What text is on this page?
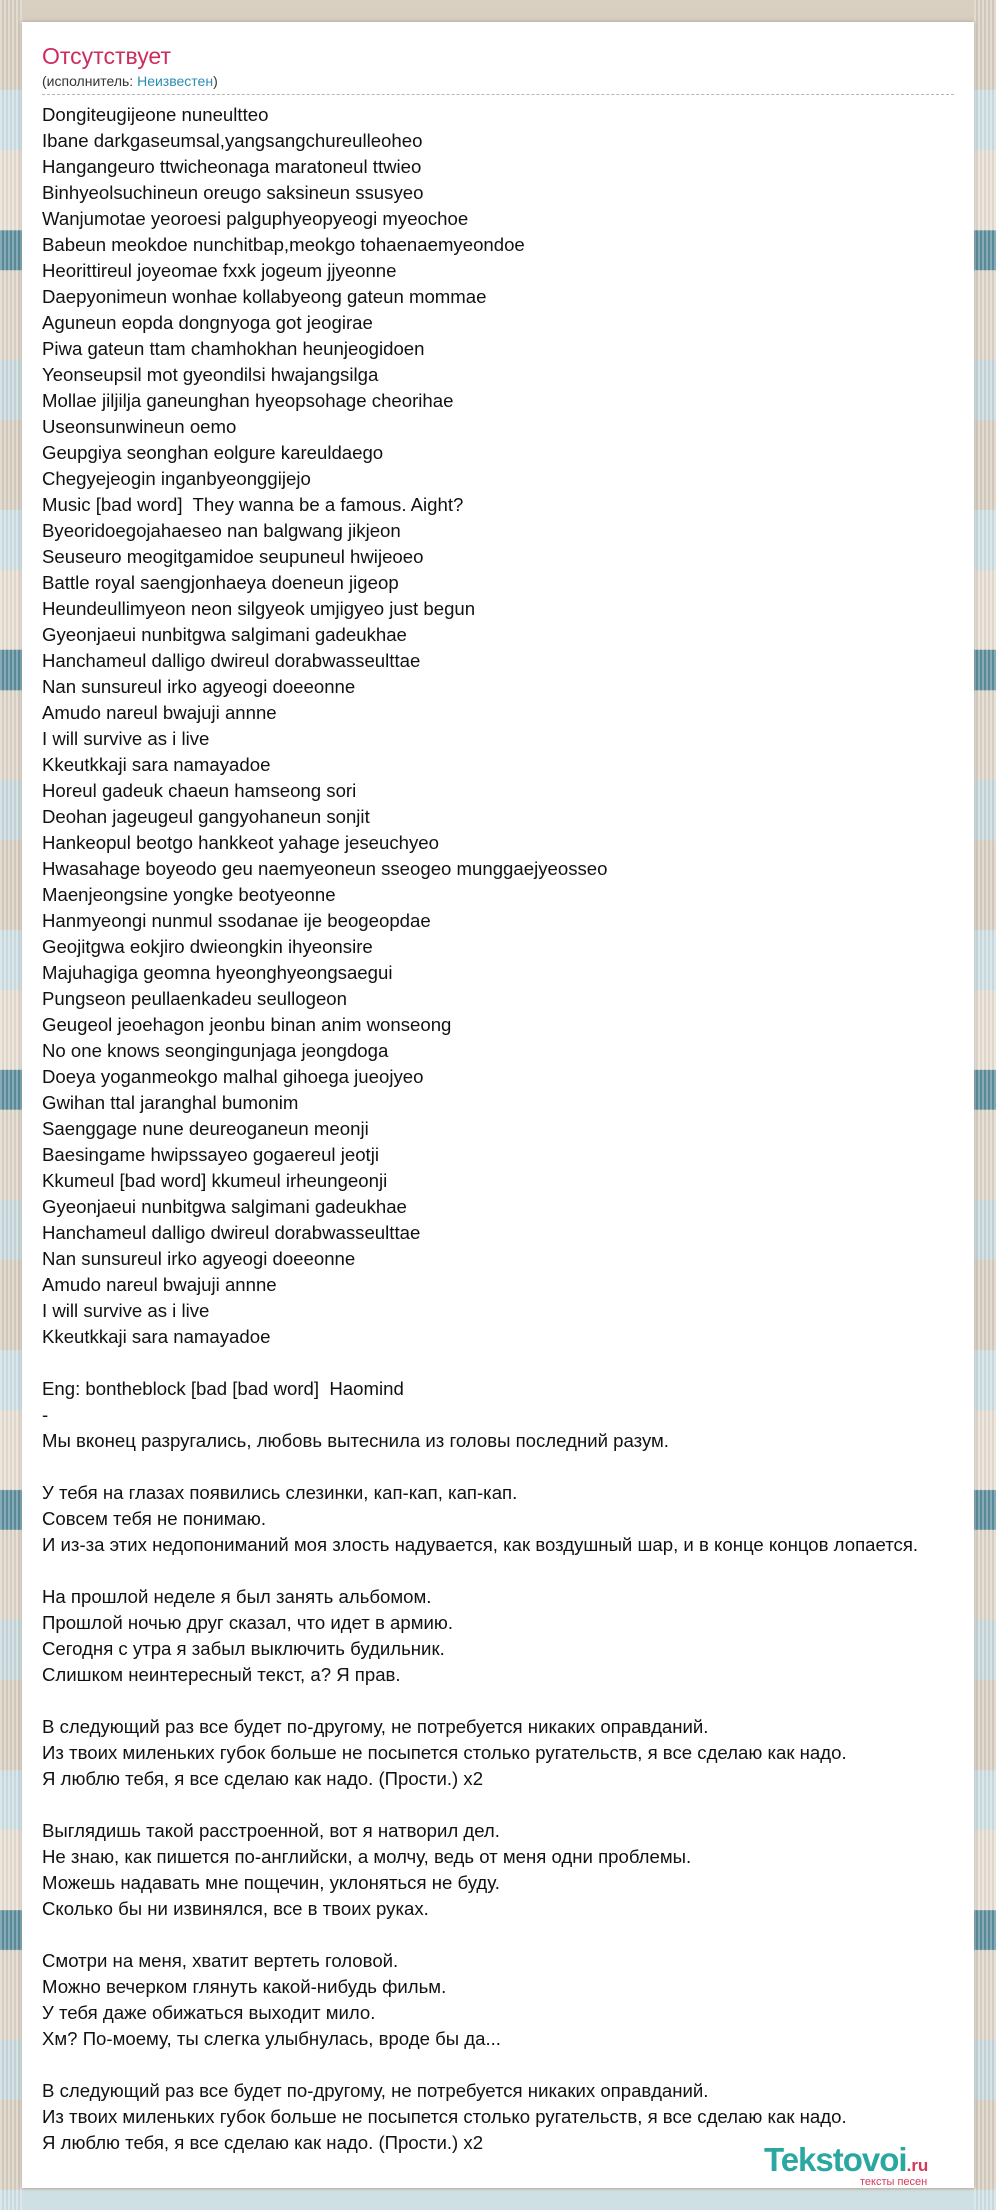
Отсутствует
(исполнитель: Неизвестен)
Dongiteugijeone nuneultteo
Ibane darkgaseumsal,yangsangchureulleoheo
Hangangeuro ttwicheonaga maratoneul ttwieo
Binhyeolsuchineun oreugo saksineun ssusyeo
Wanjumotae yeoroesi palguphyeopyeogi myeochoe
Babeun meokdoe nunchitbap,meokgo tohaenaemyeondoe
Heorittireul joyeomae fxxk jogeum jjyeonne
Daepyonimeun wonhae kollabyeong gateun mommae
Aguneun eopda dongnyoga got jeogirae
Piwa gateun ttam chamhokhan heunjeogidoen
Yeonseupsil mot gyeondilsi hwajangsilga
Mollae jiljilja ganeunghan hyeopsohage cheorihae
Useonsunwineun oemo
Geupgiya seonghan eolgure kareuldaego
Chegyejeogin inganbyeonggijejo
Music [bad word]  They wanna be a famous. Aight?
Byeoridoegojahaeseo nan balgwang jikjeon
Seuseuro meogitgamidoe seupuneul hwijeoeo
Battle royal saengjonhaeya doeneun jigeop
Heundeullimyeon neon silgyeok umjigyeo just begun
Gyeonjaeui nunbitgwa salgimani gadeukhae
Hanchameul dalligo dwireul dorabwasseulttae
Nan sunsureul irko agyeogi doeeonne
Amudo nareul bwajuji annne
I will survive as i live
Kkeutkkaji sara namayadoe
Horeul gadeuk chaeun hamseong sori
Deohan jageugeul gangyohaneun sonjit
Hankeopul beotgo hankkeot yahage jeseuchyeo
Hwasahage boyeodo geu naemyeoneun sseogeo munggaejyeosseo
Maenjeongsine yongke beotyeonne
Hanmyeongi nunmul ssodanae ije beogeopdae
Geojitgwa eokjiro dwieongkin ihyeonsire
Majuhagiga geomna hyeonghyeongsaegui
Pungseon peullaenkadeu seullogeon
Geugeol jeoehagon jeonbu binan anim wonseong
No one knows seongingunjaga jeongdoga
Doeya yoganmeokgo malhal gihoega jueojyeo
Gwihan ttal jaranghal bumonim
Saenggage nune deureoganeun meonji
Baesingame hwipssayeo gogaereul jeotji
Kkumeul [bad word] kkumeul irheungeonji
Gyeonjaeui nunbitgwa salgimani gadeukhae
Hanchameul dalligo dwireul dorabwasseulttae
Nan sunsureul irko agyeogi doeeonne
Amudo nareul bwajuji annne
I will survive as i live
Kkeutkkaji sara namayadoe
Eng: bontheblock [bad [bad word]  Haomind
-
Мы вконец разругались, любовь вытеснила из головы последний разум.
У тебя на глазах появились слезинки, кап-кап, кап-кап.
Совсем тебя не понимаю.
И из-за этих недопониманий моя злость надувается, как воздушный шар, и в конце концов лопается.
На прошлой неделе я был занять альбомом.
Прошлой ночью друг сказал, что идет в армию.
Сегодня с утра я забыл выключить будильник.
Слишком неинтересный текст, а? Я прав.
В следующий раз все будет по-другому, не потребуется никаких оправданий.
Из твоих миленьких губок больше не посыпется столько ругательств, я все сделаю как надо.
Я люблю тебя, я все сделаю как надо. (Прости.) x2
Выглядишь такой расстроенной, вот я натворил дел.
Не знаю, как пишется по-английски, а молчу, ведь от меня одни проблемы.
Можешь надавать мне пощечин, уклоняться не буду.
Сколько бы ни извинялся, все в твоих руках.
Смотри на меня, хватит вертеть головой.
Можно вечерком глянуть какой-нибудь фильм.
У тебя даже обижаться выходит мило.
Хм? По-моему, ты слегка улыбнулась, вроде бы да...
В следующий раз все будет по-другому, не потребуется никаких оправданий.
Из твоих миленьких губок больше не посыпется столько ругательств, я все сделаю как надо.
Я люблю тебя, я все сделаю как надо. (Прости.) x2	Tekstovoi.ru
тексты песен
